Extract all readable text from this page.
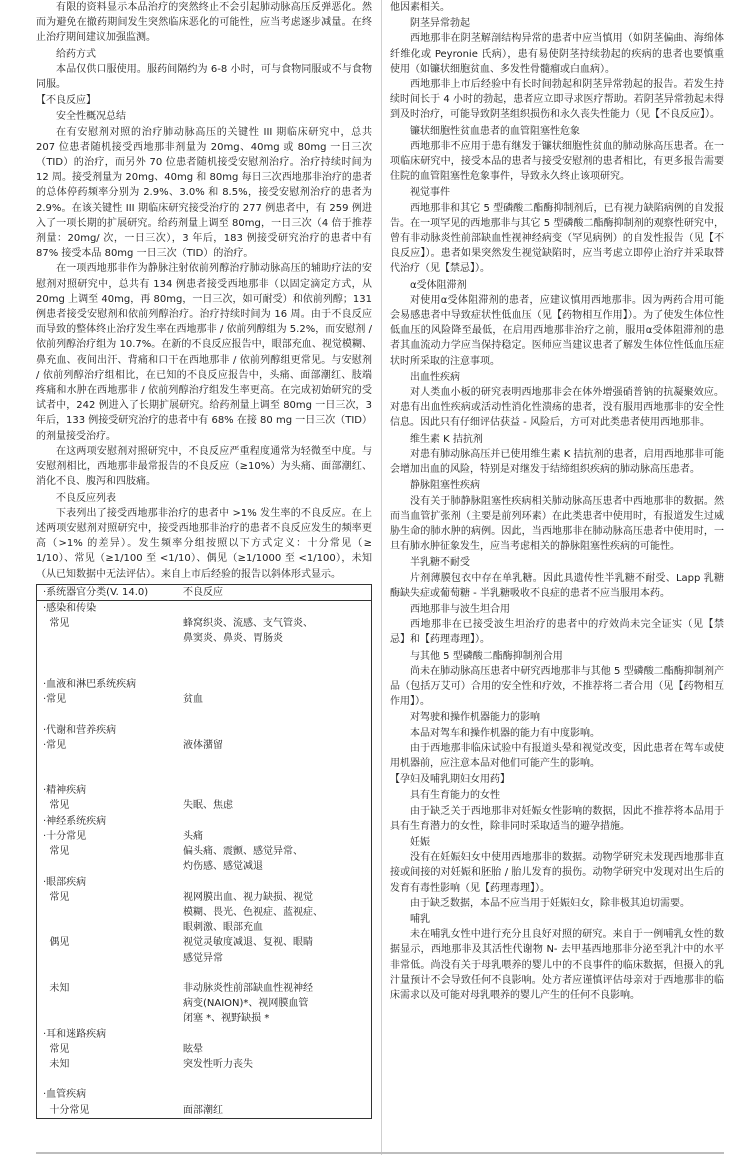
有限的资料显示本品治疗的突然终止不会引起肺动脉高压反弹恶化。然而为避免在撤药期间发生突然临床恶化的可能性，应当考虑逐步减量。在终止治疗期间建议加强监测。

给药方式

本品仅供口服使用。服药间隔约为 6-8 小时，可与食物同服或不与食物同服。

【不良反应】

安全性概况总结

在有安慰剂对照的治疗肺动脉高压的关键性 III 期临床研究中，总共 207 位患者随机接受西地那非剂量为 20mg、40mg 或 80mg 一日三次（TID）的治疗，而另外 70 位患者随机接受安慰剂治疗。治疗持续时间为 12 周。接受剂量为 20mg、40mg 和 80mg 每日三次西地那非治疗的患者的总体停药频率分别为 2.9%、3.0% 和 8.5%，接受安慰剂治疗的患者为 2.9%。在该关键性 III 期临床研究接受治疗的 277 例患者中，有 259 例进入了一项长期的扩展研究。给药剂量上调至 80mg，一日三次（4 倍于推荐剂量：20mg/ 次，一日三次），3 年后，183 例接受研究治疗的患者中有 87% 接受本品 80mg 一日三次（TID）的治疗。

在一项西地那非作为静脉注射依前列醇治疗肺动脉高压的辅助疗法的安慰剂对照研究中，总共有 134 例患者接受西地那非（以固定滴定方式，从 20mg 上调至 40mg，再 80mg，一日三次，如可耐受）和依前列醇；131 例患者接受安慰剂和依前列醇治疗。治疗持续时间为 16 周。由于不良反应而导致的整体终止治疗发生率在西地那非 / 依前列醇组为 5.2%，而安慰剂 / 依前列醇治疗组为 10.7%。在新的不良反应报告中，眼部充血、视觉模糊、鼻充血、夜间出汗、背痛和口干在西地那非 / 依前列醇组更常见。与安慰剂 / 依前列醇治疗组相比，在已知的不良反应报告中，头痛、面部潮红、肢端疼痛和水肿在西地那非 / 依前列醇治疗组发生率更高。在完成初始研究的受试者中，242 例进入了长期扩展研究。给药剂量上调至 80mg 一日三次，3 年后，133 例接受研究治疗的患者中有 68% 在接 80 mg 一日三次（TID）的剂量接受治疗。

在这两项安慰剂对照研究中，不良反应严重程度通常为轻微至中度。与安慰剂相比，西地那非最常报告的不良反应（≥10%）为头痛、面部潮红、消化不良、腹泻和四肢痛。

不良反应列表

下表列出了接受西地那非治疗的患者中 >1% 发生率的不良反应。在上述两项安慰剂对照研究中，接受西地那非治疗的患者不良反应发生的频率更高（>1% 的差异）。发生频率分组按照以下方式定义：十分常见（≥ 1/10）、常见（≥1/100 至 <1/10）、偶见（≥1/1000 至 <1/100），未知（从已知数据中无法评估）。来自上市后经验的报告以斜体形式显示。

·系统器官分类(V. 14.0)	不良反应
·感染和传染
常见	蜂窝织炎、流感、支气管炎、
鼻窦炎、鼻炎、胃肠炎
·血液和淋巴系统疾病
·常见	贫血
·代谢和营养疾病
·常见	液体潴留
·精神疾病
常见	失眠、焦虑
·神经系统疾病
·十分常见	头痛
常见	偏头痛、震颤、感觉异常、
灼伤感、感觉减退
·眼部疾病
常见	视网膜出血、视力缺损、视觉
模糊、畏光、色视症、蓝视症、
眼刺激、眼部充血
偶见	视觉灵敏度减退、复视、眼睛
感觉异常
未知	非动脉炎性前部缺血性视神经
病变(NAION)*、视网膜血管
闭塞 *、视野缺损 *
·耳和迷路疾病
常见	眩晕
未知	突发性听力丧失
·血管疾病
十分常见	面部潮红

他因素相关。

阴茎异常勃起

西地那非在阴茎解剖结构异常的患者中应当慎用（如阴茎偏曲、海绵体纤维化或 Peyronie 氏病），患有易使阴茎持续勃起的疾病的患者也要慎重使用（如镰状细胞贫血、多发性骨髓瘤或白血病）。

西地那非上市后经验中有长时间勃起和阴茎异常勃起的报告。若发生持续时间长于 4 小时的勃起，患者应立即寻求医疗帮助。若阴茎异常勃起未得到及时治疗，可能导致阴茎组织损伤和永久丧失性能力（见【不良反应】）。

镰状细胞性贫血患者的血管阻塞性危象

西地那非不应用于患有继发于镰状细胞性贫血的肺动脉高压患者。在一项临床研究中，接受本品的患者与接受安慰剂的患者相比，有更多报告需要住院的血管阻塞性危象事件，导致永久终止该项研究。

视觉事件

西地那非和其它 5 型磷酸二酯酶抑制剂后，已有视力缺陷病例的自发报告。在一项罕见的西地那非与其它 5 型磷酸二酯酶抑制剂的观察性研究中，曾有非动脉炎性前部缺血性视神经病变（罕见病例）的自发性报告（见【不良反应】）。患者如果突然发生视觉缺陷时，应当考虑立即停止治疗并采取替代治疗（见【禁忌】）。

α受体阻滞剂

对使用α受体阻滞剂的患者，应建议慎用西地那非。因为两药合用可能会易感患者中导致症状性低血压（见【药物相互作用】）。为了使发生体位性低血压的风险降至最低，在启用西地那非治疗之前，服用α受体阻滞剂的患者其血流动力学应当保持稳定。医师应当建议患者了解发生体位性低血压症状时所采取的注意事项。

出血性疾病

对人类血小板的研究表明西地那非会在体外增强硝普钠的抗凝聚效应。对患有出血性疾病或活动性消化性溃疡的患者，没有服用西地那非的安全性信息。因此只有仔细评估获益 - 风险后，方可对此类患者使用西地那非。

维生素 K 拮抗剂

对患有肺动脉高压并已使用维生素 K 拮抗剂的患者，启用西地那非可能会增加出血的风险，特别是对继发于结缔组织疾病的肺动脉高压患者。

静脉阻塞性疾病

没有关于肺静脉阻塞性疾病相关肺动脉高压患者中西地那非的数据。然而当血管扩张剂（主要是前列环素）在此类患者中使用时，有报道发生过威胁生命的肺水肿的病例。因此，当西地那非在肺动脉高压患者中使用时，一旦有肺水肿征象发生，应当考虑相关的静脉阻塞性疾病的可能性。

半乳糖不耐受

片剂薄膜包衣中存在单乳糖。因此具遗传性半乳糖不耐受、Lapp 乳糖酶缺失症或葡萄糖 - 半乳糖吸收不良症的患者不应当服用本药。

西地那非与波生坦合用

西地那非在已接受波生坦治疗的患者中的疗效尚未完全证实（见【禁忌】和【药理毒理】）。

与其他 5 型磷酸二酯酶抑制剂合用

尚未在肺动脉高压患者中研究西地那非与其他 5 型磷酸二酯酶抑制剂产品（包括万艾可）合用的安全性和疗效，不推荐将二者合用（见【药物相互作用】）。

对驾驶和操作机器能力的影响

本品对驾车和操作机器的能力有中度影响。

由于西地那非临床试验中有报道头晕和视觉改变，因此患者在驾车或使用机器前，应注意本品对他们可能产生的影响。

【孕妇及哺乳期妇女用药】

具有生育能力的女性

由于缺乏关于西地那非对妊娠女性影响的数据，因此不推荐将本品用于具有生育潜力的女性，除非同时采取适当的避孕措施。

妊娠

没有在妊娠妇女中使用西地那非的数据。动物学研究未发现西地那非直接或间接的对妊娠和胚胎 / 胎儿发育的损伤。动物学研究中发现对出生后的发育有毒性影响（见【药理毒理】）。

由于缺乏数据，本品不应当用于妊娠妇女，除非极其迫切需要。

哺乳

未在哺乳女性中进行充分且良好对照的研究。来自于一例哺乳女性的数据显示，西地那非及其活性代谢物 N- 去甲基西地那非分泌至乳汁中的水平非常低。尚没有关于母乳喂养的婴儿中的不良事件的临床数据，但摄入的乳汁量预计不会导致任何不良影响。处方者应谨慎评估母亲对于西地那非的临床需求以及可能对母乳喂养的婴儿产生的任何不良影响。
